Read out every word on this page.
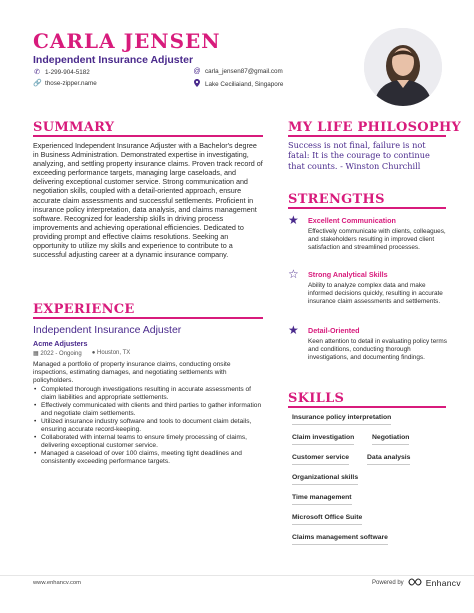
CARLA JENSEN
Independent Insurance Adjuster
✆ 1-299-904-5182	@ carla_jensen87@gmail.com
🔗 those-zipper.name	Lake Ceciliaiand, Singapore
SUMMARY
Experienced Independent Insurance Adjuster with a Bachelor's degree in Business Administration. Demonstrated expertise in investigating, analyzing, and settling property insurance claims. Proven track record of exceeding performance targets, managing large caseloads, and delivering exceptional customer service. Strong communication and negotiation skills, coupled with a detail-oriented approach, ensure accurate claim assessments and successful settlements. Proficient in insurance policy interpretation, data analysis, and claims management software. Recognized for leadership skills in driving process improvements and achieving operational efficiencies. Dedicated to providing prompt and effective claims resolutions. Seeking an opportunity to utilize my skills and experience to contribute to a successful adjusting career at a dynamic insurance company.
EXPERIENCE
Independent Insurance Adjuster
Acme Adjusters
▦ 2022 - Ongoing ● Houston, TX
Managed a portfolio of property insurance claims, conducting onsite inspections, estimating damages, and negotiating settlements with policyholders.
• Completed thorough investigations resulting in accurate assessments of claim liabilities and appropriate settlements.
• Effectively communicated with clients and third parties to gather information and negotiate claim settlements.
• Utilized insurance industry software and tools to document claim details, ensuring accurate record-keeping.
• Collaborated with internal teams to ensure timely processing of claims, delivering exceptional customer service.
• Managed a caseload of over 100 claims, meeting tight deadlines and consistently exceeding performance targets.
MY LIFE PHILOSOPHY
Success is not final, failure is not fatal: It is the courage to continue that counts. - Winston Churchill
STRENGTHS
★ Excellent Communication
Effectively communicate with clients, colleagues, and stakeholders resulting in improved client satisfaction and streamlined processes.
☆ Strong Analytical Skills
Ability to analyze complex data and make informed decisions quickly, resulting in accurate insurance claim assessments and settlements.
★ Detail-Oriented
Keen attention to detail in evaluating policy terms and conditions, conducting thorough investigations, and documenting findings.
SKILLS
Insurance policy interpretation
Claim investigation	Negotiation
Customer service	Data analysis
Organizational skills
Time management
Microsoft Office Suite
Claims management software
www.enhancv.com	Powered by	Enhancv
